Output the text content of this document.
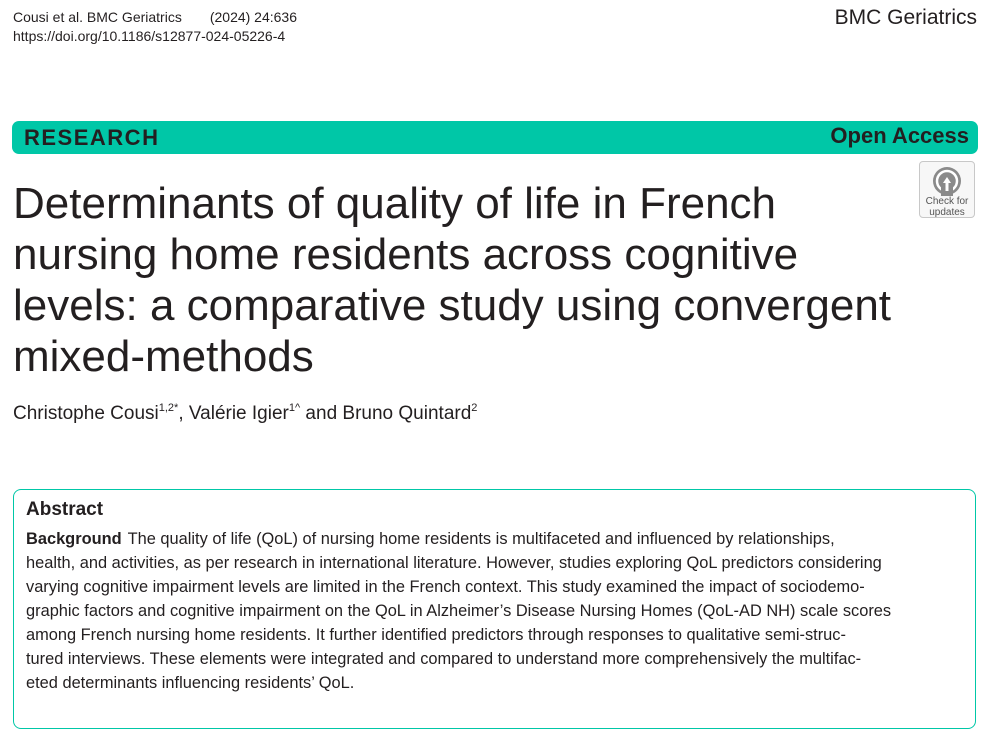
Cousi et al. BMC Geriatrics (2024) 24:636
https://doi.org/10.1186/s12877-024-05226-4
BMC Geriatrics
RESEARCH	Open Access
Check for
updates
Determinants of quality of life in French
nursing home residents across cognitive
levels: a comparative study using convergent
mixed-methods
Christophe Cousi$^{1,2*}$, Valérie Igier$^{1\^{}}$ and Bruno Quintard$^2$
Abstract
Background The quality of life (QoL) of nursing home residents is multifaceted and influenced by relationships,
health, and activities, as per research in international literature. However, studies exploring QoL predictors considering
varying cognitive impairment levels are limited in the French context. This study examined the impact of sociodemo-
graphic factors and cognitive impairment on the QoL in Alzheimer’s Disease Nursing Homes (QoL-AD NH) scale scores
among French nursing home residents. It further identified predictors through responses to qualitative semi-struc-
tured interviews. These elements were integrated and compared to understand more comprehensively the multifac-
eted determinants influencing residents’ QoL.
